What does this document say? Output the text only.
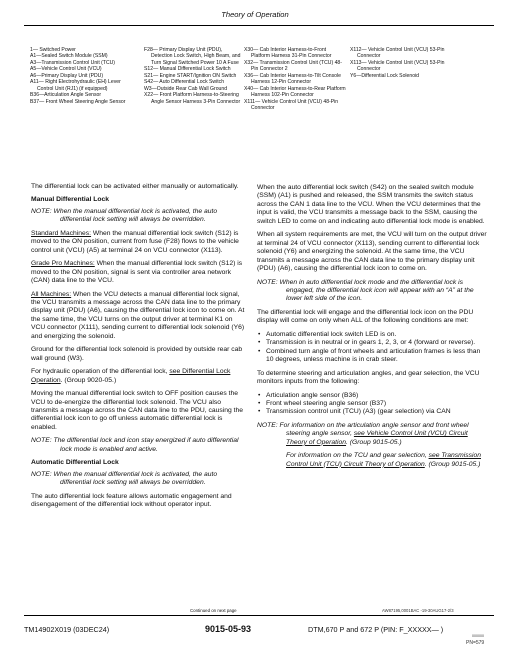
Theory of Operation
1— Switched Power
A1—Sealed Switch Module (SSM)
A3—Transmission Control Unit (TCU)
A5—Vehicle Control Unit (VCU)
A6—Primary Display Unit (PDU)
A11— Right Electrohydraulic (EH) Lever Control Unit (RJ1) (if equipped)
B36—Articulation Angle Sensor
B37— Front Wheel Steering Angle Sensor
F28— Primary Display Unit (PDU), Detection Lock Switch, High Beam, and Turn Signal Switched Power 10 A Fuse
S12— Manual Differential Lock Switch
S21— Engine START/Ignition ON Switch
S42— Auto Differential Lock Switch
W3—Outside Rear Cab Wall Ground
X22— Front Platform Harness-to-Steering Angle Sensor Harness 3-Pin Connector
X30— Cab Interior Harness-to-Front Platform Harness 31-Pin Connector
X32— Transmission Control Unit (TCU) 48-Pin Connector 2
X36— Cab Interior Harness-to-Tilt Console Harness 12-Pin Connector
X40— Cab Interior Harness-to-Rear Platform Harness 102-Pin Connector
X111— Vehicle Control Unit (VCU) 48-Pin Connector
X112— Vehicle Control Unit (VCU) 53-Pin Connector
X113— Vehicle Control Unit (VCU) 53-Pin Connector
Y6—Differential Lock Solenoid

The differential lock can be activated either manually or automatically.

Manual Differential Lock

NOTE: When the manual differential lock is activated, the auto differential lock setting will always be overridden.

Standard Machines: When the manual differential lock switch (S12) is moved to the ON position, current from fuse (F28) flows to the vehicle control unit (VCU) (A5) at terminal 24 on VCU connector (X113).

Grade Pro Machines: When the manual differential lock switch (S12) is moved to the ON position, signal is sent via controller area network (CAN) data line to the VCU.

All Machines: When the VCU detects a manual differential lock signal, the VCU transmits a message across the CAN data line to the primary display unit (PDU) (A6), causing the differential lock icon to come on. At the same time, the VCU turns on the output driver at terminal K1 on VCU connector (X111), sending current to differential lock solenoid (Y6) and energizing the solenoid.

Ground for the differential lock solenoid is provided by outside rear cab wall ground (W3).

For hydraulic operation of the differential lock, see Differential Lock Operation. (Group 9020-05.)

Moving the manual differential lock switch to OFF position causes the VCU to de-energize the differential lock solenoid. The VCU also transmits a message across the CAN data line to the PDU, causing the differential lock icon to go off unless automatic differential lock is enabled.

NOTE: The differential lock and icon stay energized if auto differential lock mode is enabled and active.

Automatic Differential Lock

NOTE: When the manual differential lock is activated, the auto differential lock setting will always be overridden.

The auto differential lock feature allows automatic engagement and disengagement of the differential lock without operator input.

When the auto differential lock switch (S42) on the sealed switch module (SSM) (A1) is pushed and released, the SSM transmits the switch status across the CAN 1 data line to the VCU. When the VCU determines that the input is valid, the VCU transmits a message back to the SSM, causing the switch LED to come on and indicating auto differential lock mode is enabled.

When all system requirements are met, the VCU will turn on the output driver at terminal 24 of VCU connector (X113), sending current to differential lock solenoid (Y6) and energizing the solenoid. At the same time, the VCU transmits a message across the CAN data line to the primary display unit (PDU) (A6), causing the differential lock icon to come on.

NOTE: When in auto differential lock mode and the differential lock is engaged, the differential lock icon will appear with an “A” at the lower left side of the icon.

The differential lock will engage and the differential lock icon on the PDU display will come on only when ALL of the following conditions are met:

• Automatic differential lock switch LED is on.
• Transmission is in neutral or in gears 1, 2, 3, or 4 (forward or reverse).
• Combined turn angle of front wheels and articulation frames is less than 10 degrees, unless machine is in crab steer.

To determine steering and articulation angles, and gear selection, the VCU monitors inputs from the following:

• Articulation angle sensor (B36)
• Front wheel steering angle sensor (B37)
• Transmission control unit (TCU) (A3) (gear selection) via CAN

NOTE: For information on the articulation angle sensor and front wheel steering angle sensor, see Vehicle Control Unit (VCU) Circuit Theory of Operation. (Group 9015-05.)

For information on the TCU and gear selection, see Transmission Control Unit (TCU) Circuit Theory of Operation. (Group 9015-05.)

Continued on next page	AW87195,0001BAC -19-30AUG17-2/3
TM14902X019 (03DEC24)	9015-05-93	DTM,670 P and 672 P (PIN: F_XXXXX— )
000000
PN=579
